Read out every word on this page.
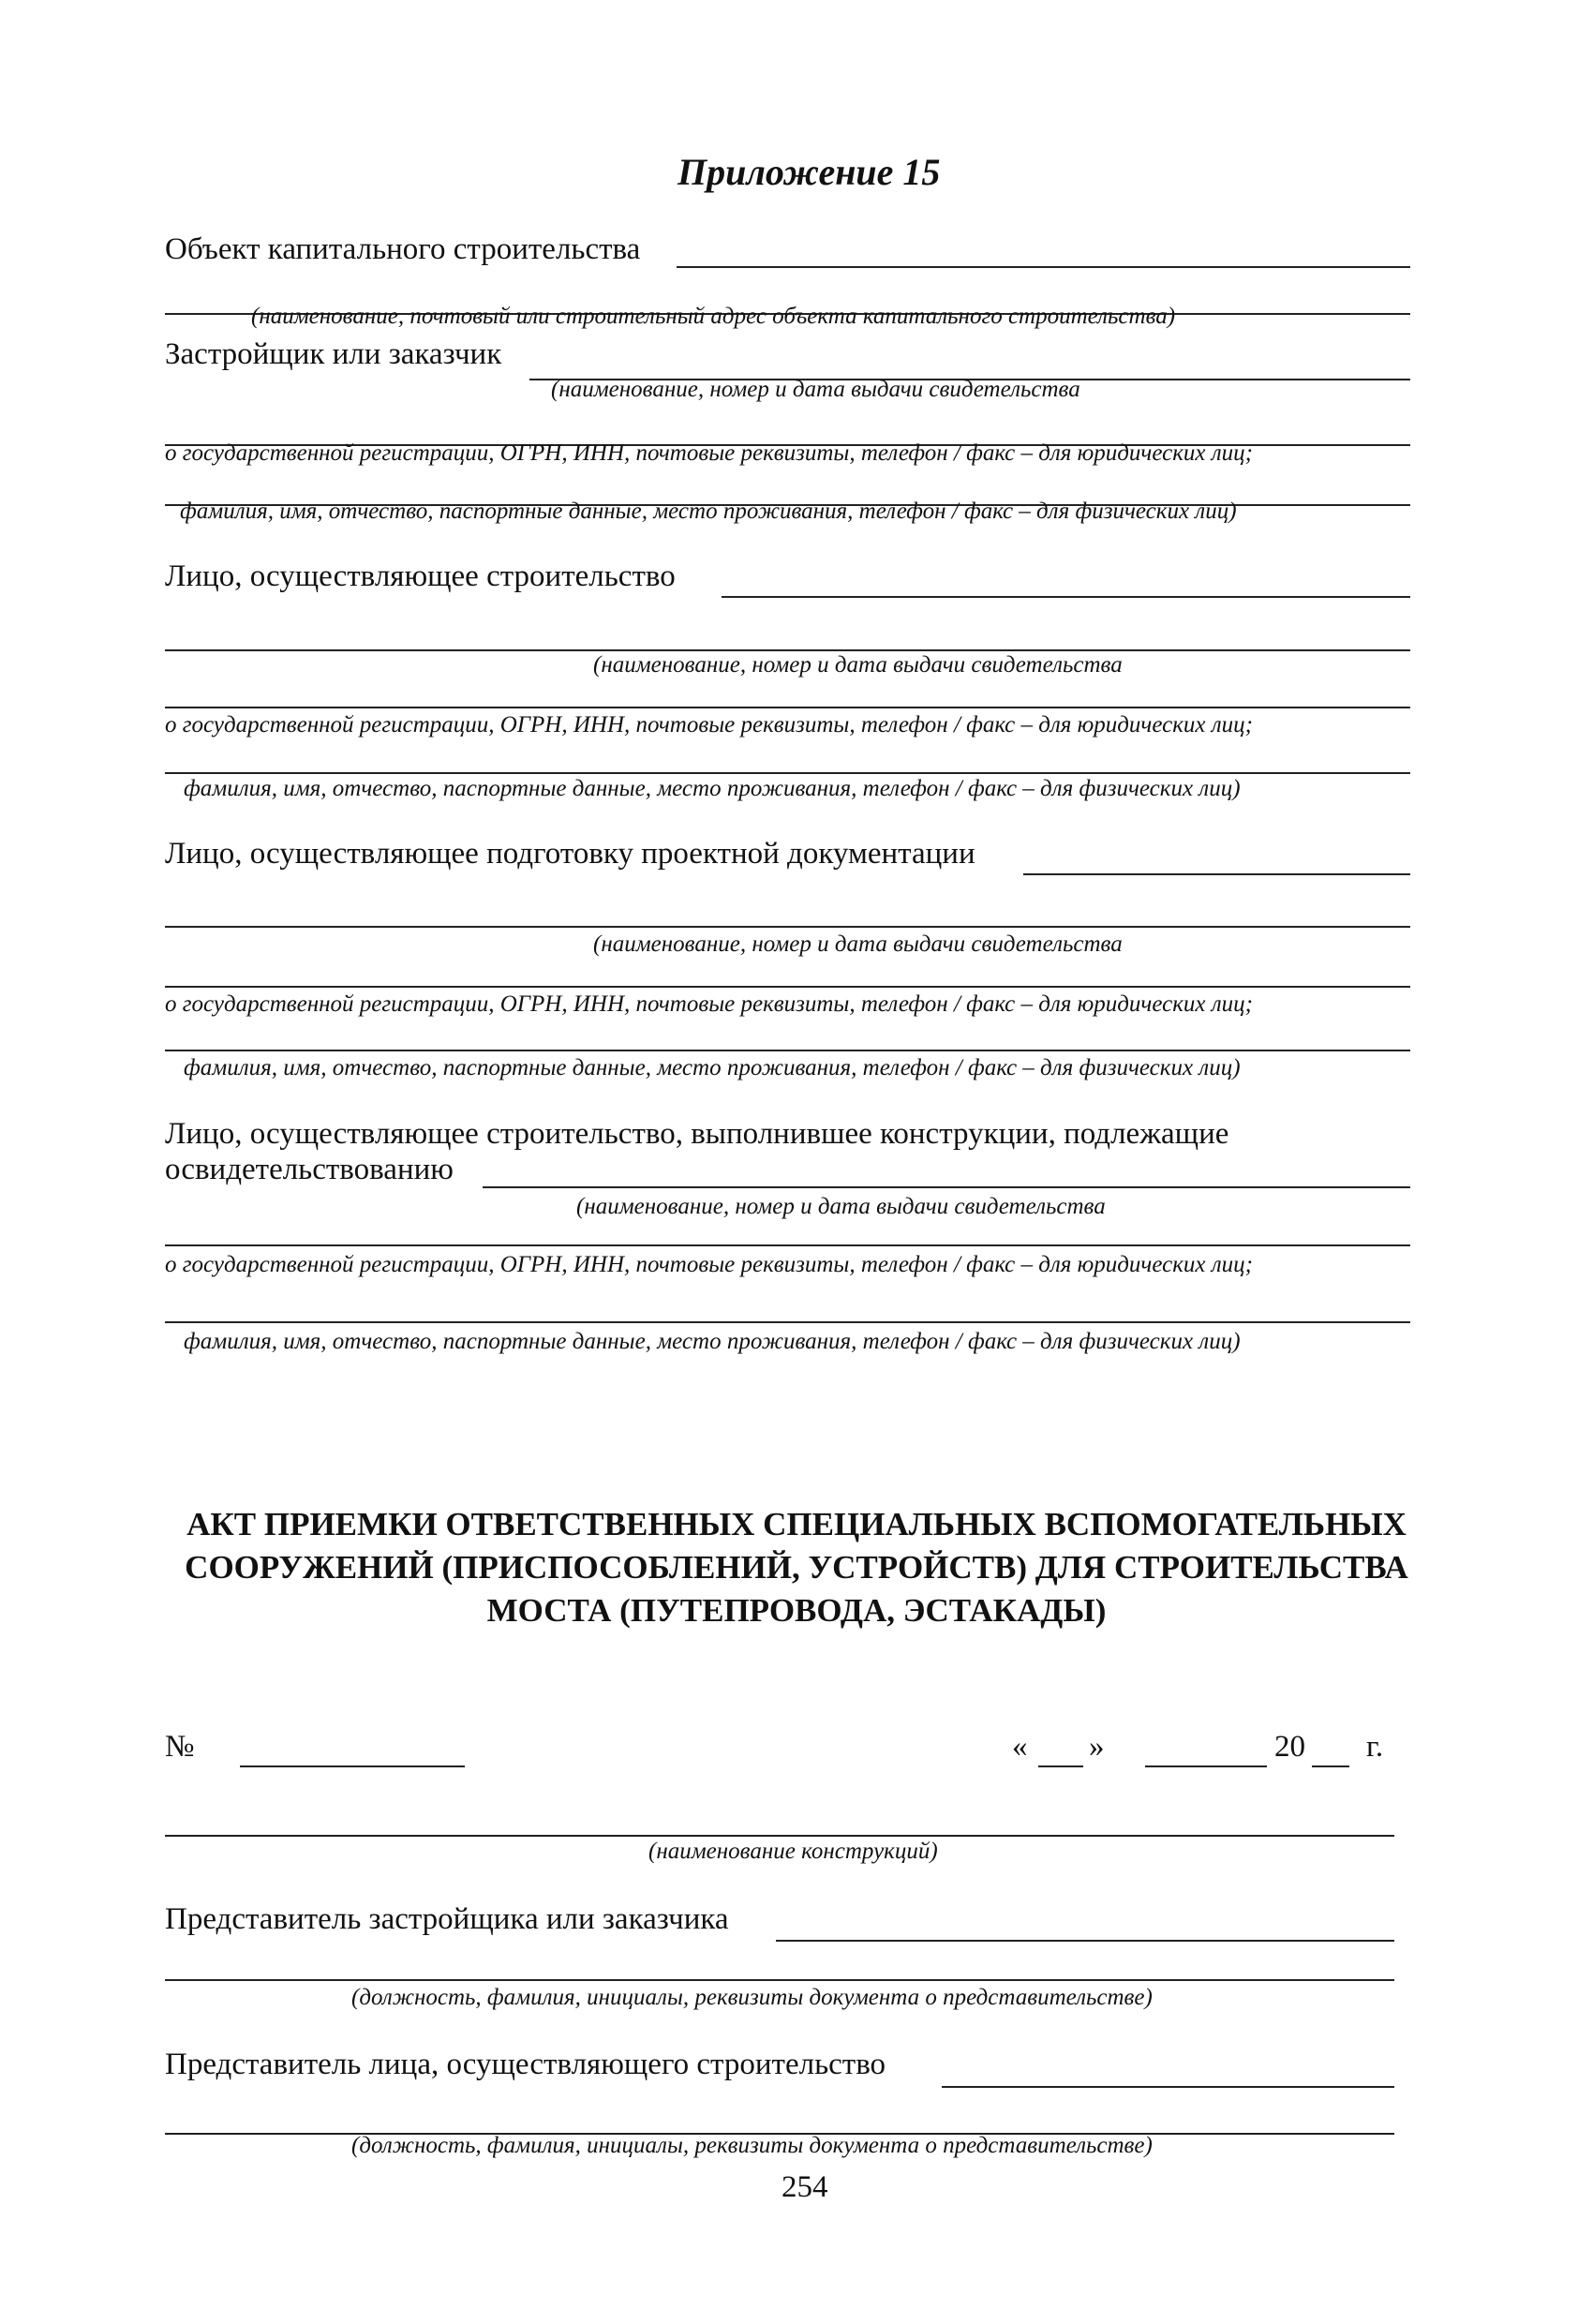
Приложение 15
Объект капитального строительства
(наименование, почтовый или строительный адрес объекта капитального строительства)
Застройщик или заказчик
(наименование, номер и дата выдачи свидетельства
о государственной регистрации, ОГРН, ИНН, почтовые реквизиты, телефон / факс – для юридических лиц;
фамилия, имя, отчество, паспортные данные, место проживания, телефон / факс – для физических лиц)
Лицо, осуществляющее строительство
(наименование, номер и дата выдачи свидетельства
о государственной регистрации, ОГРН, ИНН, почтовые реквизиты, телефон / факс – для юридических лиц;
фамилия, имя, отчество, паспортные данные, место проживания, телефон / факс – для физических лиц)
Лицо, осуществляющее подготовку проектной документации
(наименование, номер и дата выдачи свидетельства
о государственной регистрации, ОГРН, ИНН, почтовые реквизиты, телефон / факс – для юридических лиц;
фамилия, имя, отчество, паспортные данные, место проживания, телефон / факс – для физических лиц)
Лицо, осуществляющее строительство, выполнившее конструкции, подлежащие
освидетельствованию
(наименование, номер и дата выдачи свидетельства
о государственной регистрации, ОГРН, ИНН, почтовые реквизиты, телефон / факс – для юридических лиц;
фамилия, имя, отчество, паспортные данные, место проживания, телефон / факс – для физических лиц)
АКТ ПРИЕМКИ ОТВЕТСТВЕННЫХ СПЕЦИАЛЬНЫХ ВСПОМОГАТЕЛЬНЫХ
СООРУЖЕНИЙ (ПРИСПОСОБЛЕНИЙ, УСТРОЙСТВ) ДЛЯ СТРОИТЕЛЬСТВА
МОСТА (ПУТЕПРОВОДА, ЭСТАКАДЫ)
№	« »	20 г.
(наименование конструкций)
Представитель застройщика или заказчика
(должность, фамилия, инициалы, реквизиты документа о представительстве)
Представитель лица, осуществляющего строительство
(должность, фамилия, инициалы, реквизиты документа о представительстве)
254
